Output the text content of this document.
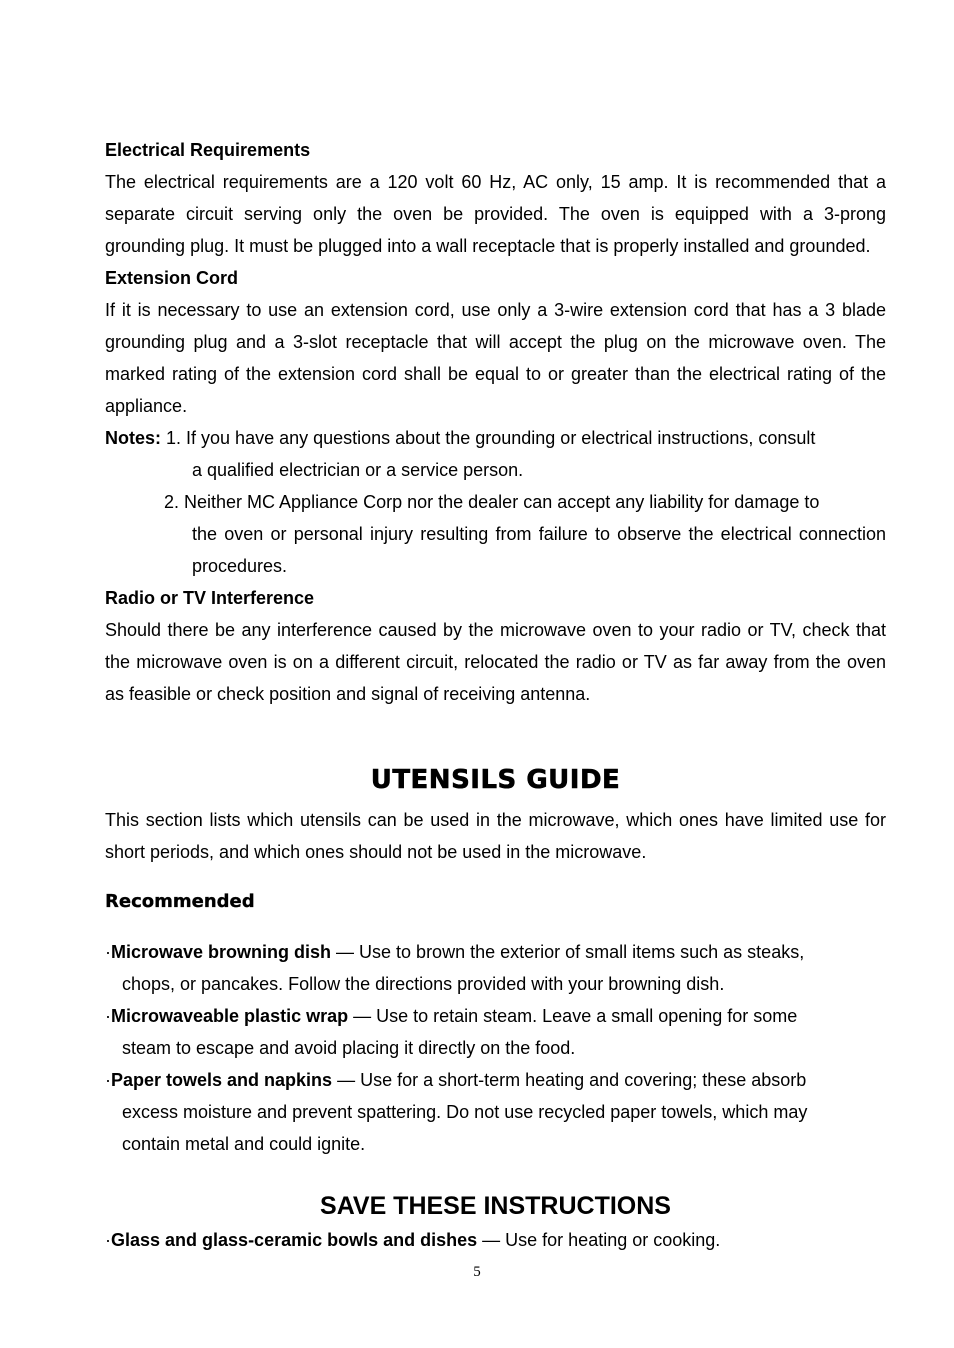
Electrical Requirements

The electrical requirements are a 120 volt 60 Hz, AC only, 15 amp. It is recommended that a separate circuit serving only the oven be provided. The oven is equipped with a 3-prong grounding plug. It must be plugged into a wall receptacle that is properly installed and grounded.

Extension Cord

If it is necessary to use an extension cord, use only a 3-wire extension cord that has a 3 blade grounding plug and a 3-slot receptacle that will accept the plug on the microwave oven. The marked rating of the extension cord shall be equal to or greater than the electrical rating of the appliance.

Notes: 1. If you have any questions about the grounding or electrical instructions, consult
a qualified electrician or a service person.
2. Neither MC Appliance Corp nor the dealer can accept any liability for damage to
the oven or personal injury resulting from failure to observe the electrical connection procedures.

Radio or TV Interference

Should there be any interference caused by the microwave oven to your radio or TV, check that the microwave oven is on a different circuit, relocated the radio or TV as far away from the oven as feasible or check position and signal of receiving antenna.

UTENSILS GUIDE

This section lists which utensils can be used in the microwave, which ones have limited use for short periods, and which ones should not be used in the microwave.

Recommended

·Microwave browning dish — Use to brown the exterior of small items such as steaks,
chops, or pancakes. Follow the directions provided with your browning dish.

·Microwaveable plastic wrap — Use to retain steam. Leave a small opening for some
steam to escape and avoid placing it directly on the food.

·Paper towels and napkins — Use for a short-term heating and covering; these absorb
excess moisture and prevent spattering. Do not use recycled paper towels, which may contain metal and could ignite.

SAVE THESE INSTRUCTIONS

·Glass and glass-ceramic bowls and dishes — Use for heating or cooking.

5
